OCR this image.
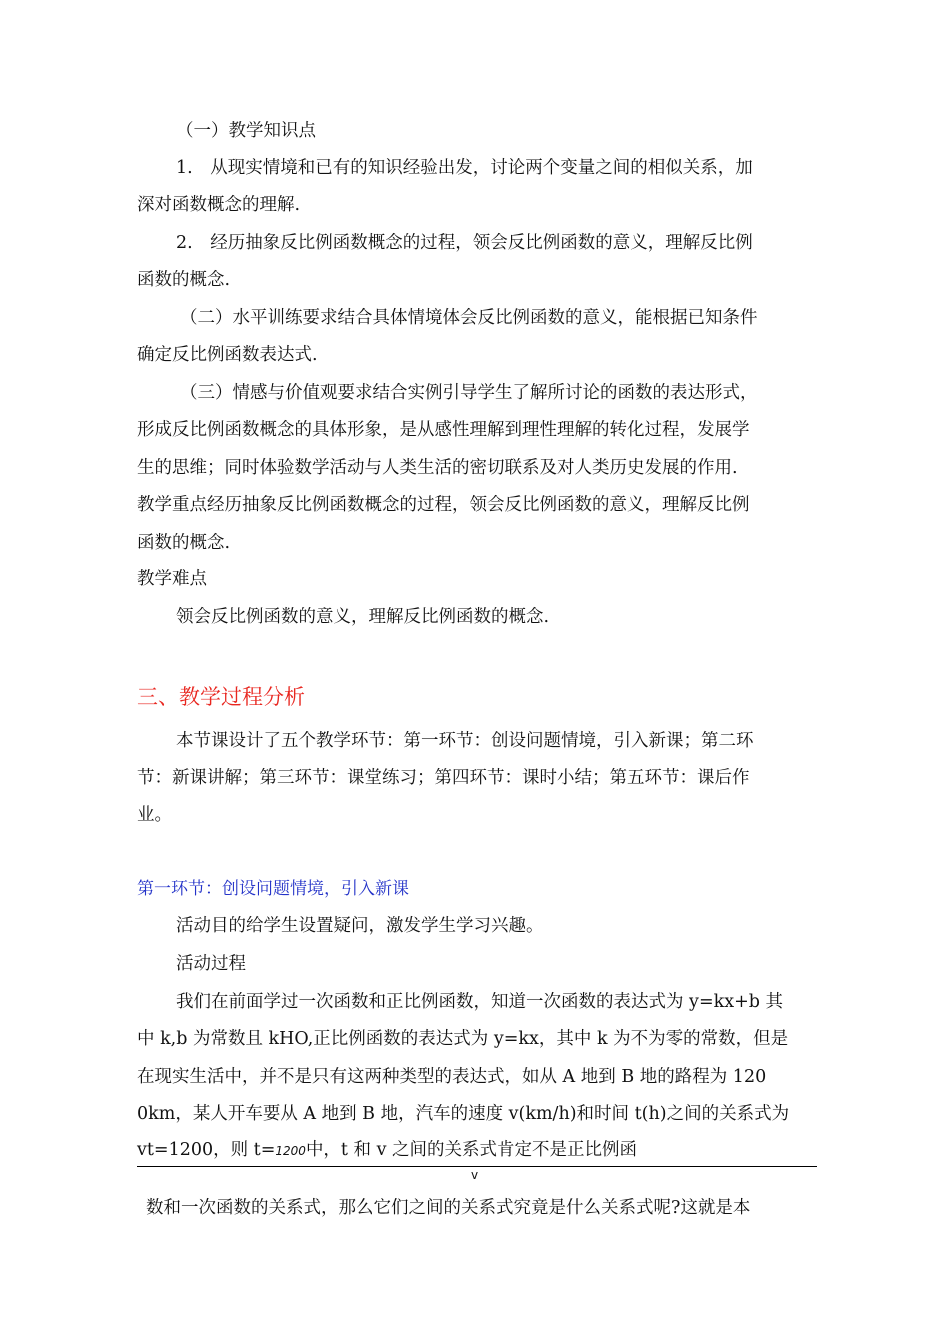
（一）教学知识点
1.　从现实情境和已有的知识经验出发，讨论两个变量之间的相似关系，加
深对函数概念的理解.
2.　经历抽象反比例函数概念的过程，领会反比例函数的意义，理解反比例
函数的概念.
（二）水平训练要求结合具体情境体会反比例函数的意义，能根据已知条件
确定反比例函数表达式.
（三）情感与价值观要求结合实例引导学生了解所讨论的函数的表达形式，
形成反比例函数概念的具体形象，是从感性理解到理性理解的转化过程，发展学
生的思维；同时体验数学活动与人类生活的密切联系及对人类历史发展的作用.
教学重点经历抽象反比例函数概念的过程，领会反比例函数的意义，理解反比例
函数的概念.
教学难点
领会反比例函数的意义，理解反比例函数的概念.
三、教学过程分析
本节课设计了五个教学环节：第一环节：创设问题情境，引入新课；第二环
节：新课讲解；第三环节：课堂练习；第四环节：课时小结；第五环节：课后作
业。
第一环节：创设问题情境，引入新课
活动目的给学生设置疑问，激发学生学习兴趣。
活动过程
我们在前面学过一次函数和正比例函数，知道一次函数的表达式为 y=kx+b 其
中 k,b 为常数且 kHO,正比例函数的表达式为 y=kx，其中 k 为不为零的常数，但是
在现实生活中，并不是只有这两种类型的表达式，如从 A 地到 B 地的路程为 120
0km，某人开车要从 A 地到 B 地，汽车的速度 v(km/h)和时间 t(h)之间的关系式为
vt=1200，则 t=1200中，t 和 v 之间的关系式肯定不是正比例函
v
数和一次函数的关系式，那么它们之间的关系式究竟是什么关系式呢?这就是本
